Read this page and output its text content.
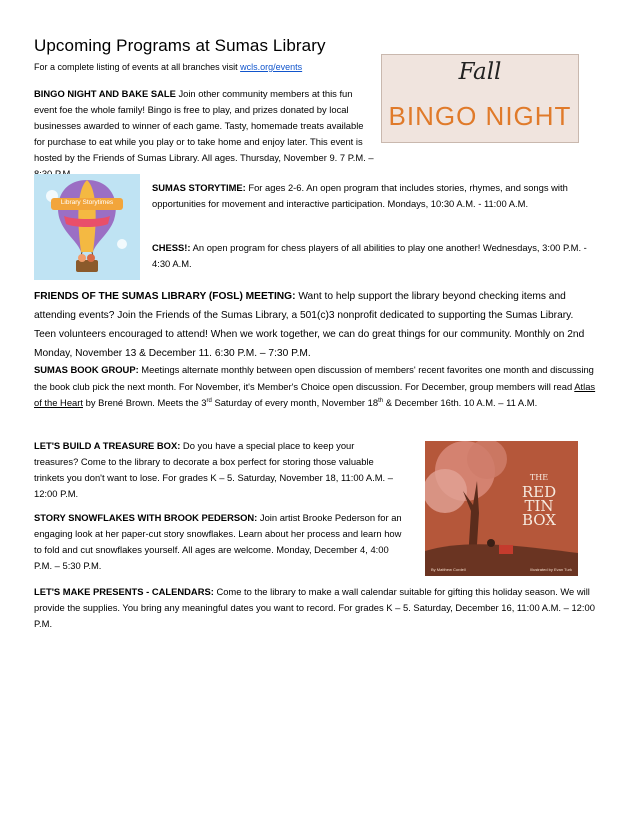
Upcoming Programs at Sumas Library
For a complete listing of events at all branches visit wcls.org/events	Fall
BINGO NIGHT
BINGO NIGHT AND BAKE SALE Join other community members at this fun event foe the whole family! Bingo is free to play, and prizes donated by local businesses awarded to winner of each game. Tasty, homemade treats available for purchase to eat while you play or to take home and enjoy later. This event is hosted by the Friends of Sumas Library. All ages. Thursday, November 9. 7 P.M. –
Library Storytimes
SUMAS STORYTIME: For ages 2-6. An open program that includes stories, rhymes, and songs with opportunities for movement and interactive participation. Mondays, 10:30 A.M. - 11:00 A.M.
CHESS!: An open program for chess players of all abilities to play one another! Wednesdays, 3:00 P.M. - 4:30 A.M.
FRIENDS OF THE SUMAS LIBRARY (FOSL) MEETING: Want to help support the library beyond checking items and attending events? Join the Friends of the Sumas Library, a 501(c)3 nonprofit dedicated to supporting the Sumas Library. Teen volunteers encouraged to attend! When we work together, we can do great things for our community. Monthly on 2nd Monday, November 13 & December 11. 6:30 P.M. – 7:30 P.M.
SUMAS BOOK GROUP: Meetings alternate monthly between open discussion of members' recent favorites one month and discussing the book club pick the next month. For November, it's Member's Choice open discussion. For December, group members will read Atlas of the Heart by Brené Brown. Meets the 3rd Saturday of every month, November 18th & December 16th. 10 A.M. – 11 A.M.
LET'S BUILD A TREASURE BOX: Do you have a special place to keep your treasures? Come to the library to decorate a box perfect for storing those valuable trinkets you don't want to lose. For grades K – 5. Saturday, November 18, 11:00 A.M. – 12:00 P.M.
THE
RED
TIN
BOX
By Matthew Cordell	Illustrated by Evan Turk
STORY SNOWFLAKES WITH BROOK PEDERSON: Join artist Brooke Pederson for an engaging look at her paper-cut story snowflakes. Learn about her process and learn how to fold and cut snowflakes yourself. All ages are welcome. Monday, December 4, 4:00 P.M. – 5:30 P.M.
LET'S MAKE PRESENTS - CALENDARS: Come to the library to make a wall calendar suitable for gifting this holiday season. We will provide the supplies. You bring any meaningful dates you want to record. For grades K – 5. Saturday, December 16, 11:00 A.M. – 12:00 P.M.
